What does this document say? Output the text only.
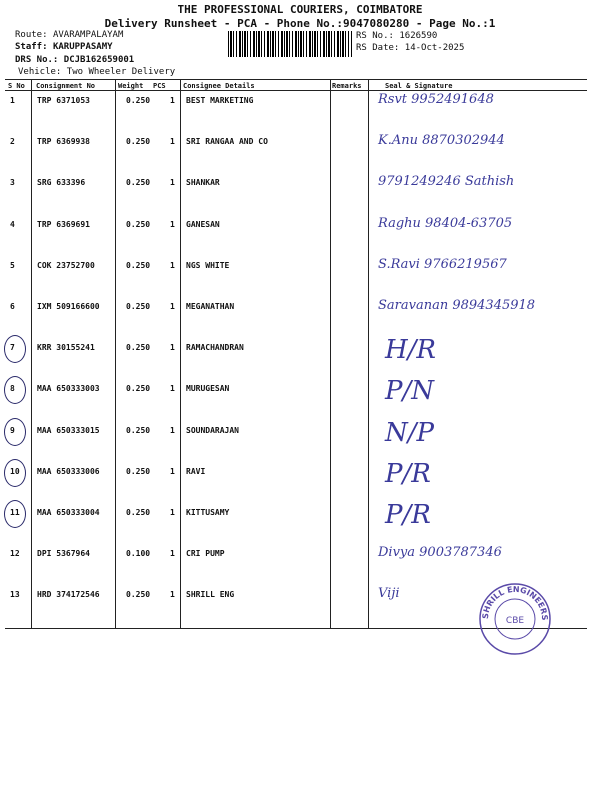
THE PROFESSIONAL COURIERS, COIMBATORE
Delivery Runsheet - PCA - Phone No.:9047080280 - Page No.:1
Route: AVARAMPALAYAM
Staff: KARUPPASAMY
DRS No.: DCJB162659001
Vehicle: Two Wheeler Delivery
RS No.: 1626590
RS Date: 14-Oct-2025
S No Consignment No	Weight PCS Consignee Details	Remarks	Seal & Signature
1	TRP 6371053	0.250 1 BEST MARKETING	Rsvt 9952491648
2	TRP 6369938	0.250 1 SRI RANGAA AND CO	K.Anu 8870302944
3	SRG 633396	0.250 1 SHANKAR	9791249246 Sathish
4	TRP 6369691	0.250 1 GANESAN	Raghu 98404-63705
5	COK 23752700	0.250 1 NGS WHITE	S.Ravi 9766219567
6	IXM 509166600	0.250 1 MEGANATHAN	Saravanan 9894345918
7	KRR 30155241	0.250 1 RAMACHANDRAN	H/R
8	MAA 650333003	0.250 1 MURUGESAN	P/N
9	MAA 650333015	0.250 1 SOUNDARAJAN	N/P
10 MAA 650333006	0.250 1 RAVI	P/R
11 MAA 650333004	0.250 1 KITTUSAMY	P/R
12 DPI 5367964	0.100 1 CRI PUMP	Divya 9003787346
13 HRD 374172546	0.250 1 SHRILL ENG	Viji
SHRILL ENGINEERS
CBE
